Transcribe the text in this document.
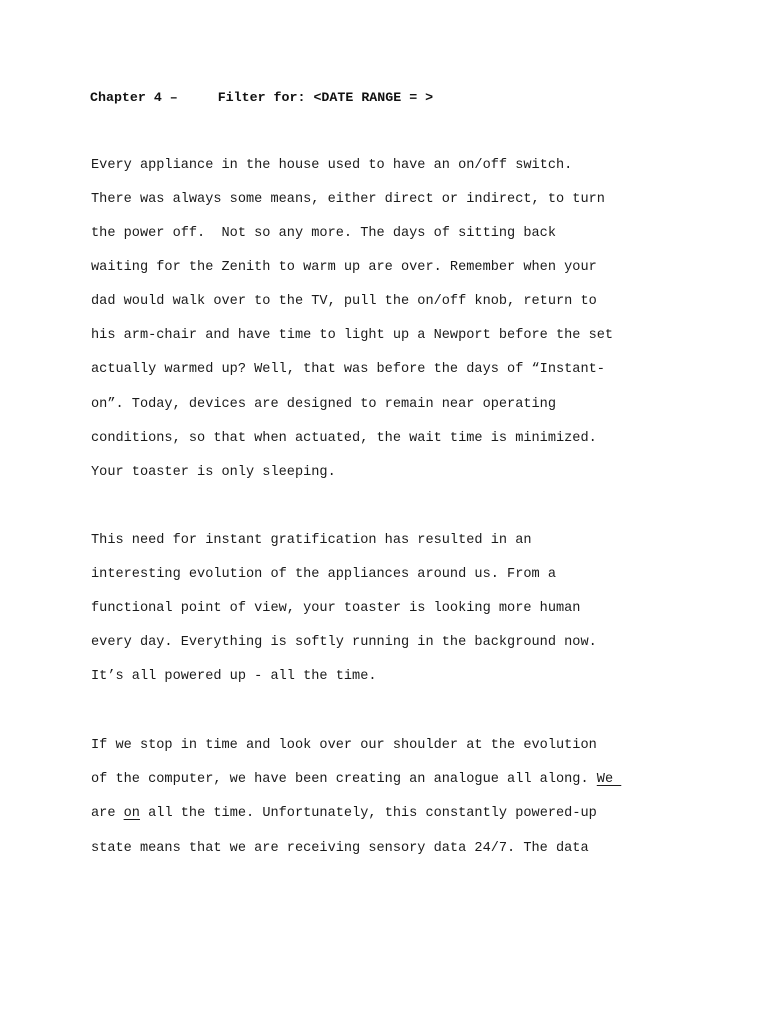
Chapter 4 –	Filter for: <DATE RANGE = >
Every appliance in the house used to have an on/off switch.
There was always some means, either direct or indirect, to turn
the power off.  Not so any more. The days of sitting back
waiting for the Zenith to warm up are over. Remember when your
dad would walk over to the TV, pull the on/off knob, return to
his arm-chair and have time to light up a Newport before the set
actually warmed up? Well, that was before the days of “Instant-
on”. Today, devices are designed to remain near operating
conditions, so that when actuated, the wait time is minimized.
Your toaster is only sleeping.
This need for instant gratification has resulted in an
interesting evolution of the appliances around us. From a
functional point of view, your toaster is looking more human
every day. Everything is softly running in the background now.
It’s all powered up - all the time.
If we stop in time and look over our shoulder at the evolution
of the computer, we have been creating an analogue all along. We
are on all the time. Unfortunately, this constantly powered-up
state means that we are receiving sensory data 24/7. The data
